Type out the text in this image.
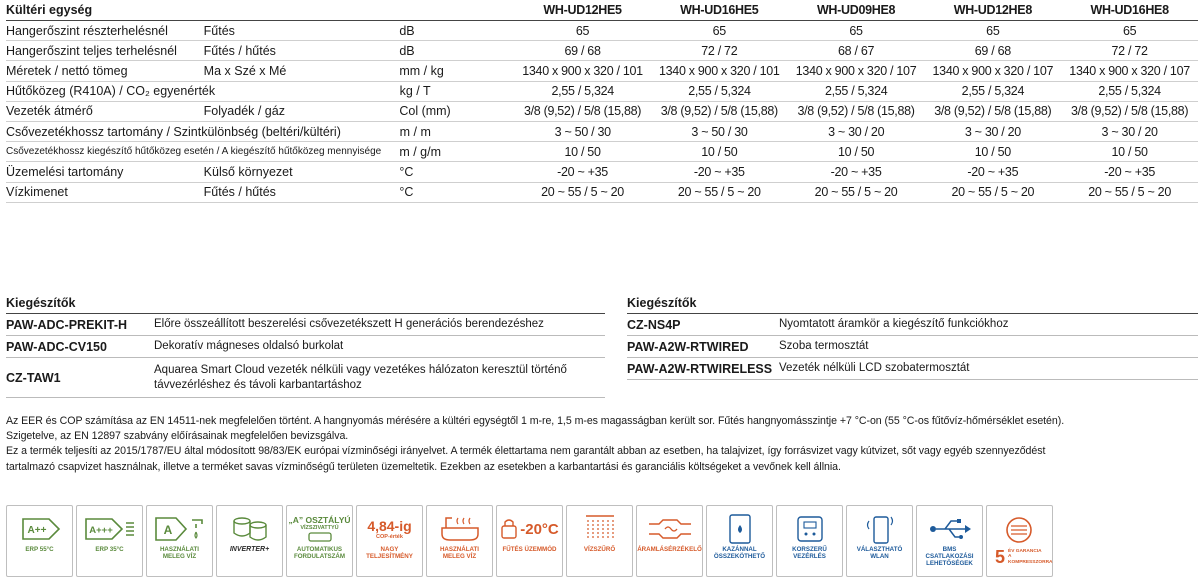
Kültéri egység	WH-UD12HE5	WH-UD16HE5	WH-UD09HE8	WH-UD12HE8	WH-UD16HE8
Hangerőszint részterhelésnél	Fűtés	dB	65	65	65	65	65
Hangerőszint teljes terhelésnél	Fűtés / hűtés	dB	69 / 68	72 / 72	68 / 67	69 / 68	72 / 72
Méretek / nettó tömeg	Ma x Szé x Mé	mm / kg	1340 x 900 x 320 / 101	1340 x 900 x 320 / 101	1340 x 900 x 320 / 107	1340 x 900 x 320 / 107	1340 x 900 x 320 / 107
Hűtőközeg (R410A) / CO₂ egyenérték	kg / T	2,55 / 5,324	2,55 / 5,324	2,55 / 5,324	2,55 / 5,324	2,55 / 5,324
Vezeték átmérő	Folyadék / gáz	Col (mm)	3/8 (9,52) / 5/8 (15,88)	3/8 (9,52) / 5/8 (15,88)	3/8 (9,52) / 5/8 (15,88)	3/8 (9,52) / 5/8 (15,88)	3/8 (9,52) / 5/8 (15,88)
Csővezetékhossz tartomány / Szintkülönbség (beltéri/kültéri)	m / m	3 ~ 50 / 30	3 ~ 50 / 30	3 ~ 30 / 20	3 ~ 30 / 20	3 ~ 30 / 20
Csővezetékhossz kiegészítő hűtőközeg esetén / A kiegészítő hűtőközeg mennyisége	m / g/m	10 / 50	10 / 50	10 / 50	10 / 50	10 / 50
Üzemelési tartomány	Külső környezet	°C	-20 ~ +35	-20 ~ +35	-20 ~ +35	-20 ~ +35	-20 ~ +35
Vízkimenet	Fűtés / hűtés	°C	20 ~ 55 / 5 ~ 20	20 ~ 55 / 5 ~ 20	20 ~ 55 / 5 ~ 20	20 ~ 55 / 5 ~ 20	20 ~ 55 / 5 ~ 20
Kiegészítők
PAW-ADC-PREKIT-H	Előre összeállított beszerelési csővezetékszett H generációs berendezéshez
PAW-ADC-CV150	Dekoratív mágneses oldalsó burkolat
CZ-TAW1
Aquarea Smart Cloud vezeték nélküli vagy vezetékes hálózaton keresztül történő távvezérléshez és távoli karbantartáshoz
Kiegészítők
CZ-NS4P	Nyomtatott áramkör a kiegészítő funkciókhoz
PAW-A2W-RTWIRED	Szoba termosztát
PAW-A2W-RTWIRELESS Vezeték nélküli LCD szobatermosztát

Az EER és COP számítása az EN 14511-nek megfelelően történt. A hangnyomás mérésére a kültéri egységtől 1 m-re, 1,5 m-es magasságban került sor. Fűtés hangnyomásszintje +7 °C-on (55 °C-os fűtővíz-hőmérséklet esetén).

Szigetelve, az EN 12897 szabvány előírásainak megfelelően bevizsgálva.

Ez a termék teljesíti az 2015/1787/EU által módosított 98/83/EK európai vízminőségi irányelvet. A termék élettartama nem garantált abban az esetben, ha talajvizet, így forrásvizet vagy kútvizet, sőt vagy egyéb szennyeződést

tartalmazó csapvizet használnak, illetve a terméket savas vízminőségű területen üzemeltetik. Ezekben az esetekben a karbantartási és garanciális költségeket a vevőnek kell állnia.

A++
ERP 55°C
A+++
ERP 35°C
A
HASZNÁLATI MELEG VÍZ
INVERTER+
„A” OSZTÁLYÚ
VÍZSZIVATTYÚ
AUTOMATIKUS FORDULATSZÁM
4,84-ig
COP-érték
NAGY TELJESÍTMÉNY
HASZNÁLATI MELEG VÍZ
-20°C
FŰTÉS ÜZEMMÓD	VÍZSZŰRŐ	ÁRAMLÁSÉRZÉKELŐ	KAZÁNNAL ÖSSZEKÖTHETŐ
KORSZERŰ VEZÉRLÉS
VÁLASZTHATÓ WLAN
BMS CSATLAKOZÁSI LEHETŐSÉGEK	5 ÉV GARANCIA A KOMPRESSZORRA
